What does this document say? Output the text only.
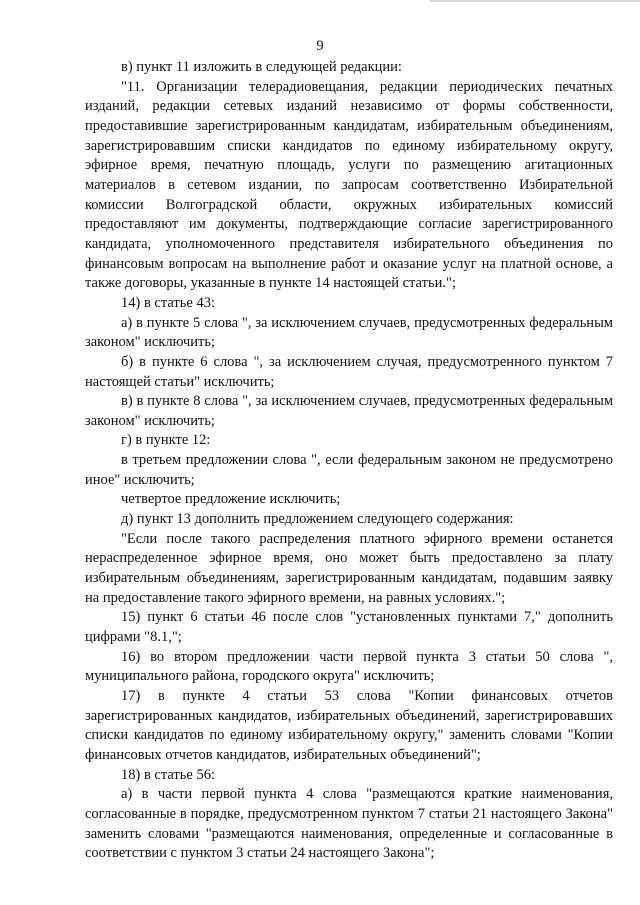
9

в) пункт 11 изложить в следующей редакции:

"11. Организации телерадиовещания, редакции периодических печатных изданий, редакции сетевых изданий независимо от формы собственности, предоставившие зарегистрированным кандидатам, избирательным объединениям, зарегистрировавшим списки кандидатов по единому избирательному округу, эфирное время, печатную площадь, услуги по размещению агитационных материалов в сетевом издании, по запросам соответственно Избирательной комиссии Волгоградской области, окружных избирательных комиссий предоставляют им документы, подтверждающие согласие зарегистрированного кандидата, уполномоченного представителя избирательного объединения по финансовым вопросам на выполнение работ и оказание услуг на платной основе, а также договоры, указанные в пункте 14 настоящей статьи.";

14) в статье 43:

а) в пункте 5 слова ", за исключением случаев, предусмотренных федеральным законом" исключить;

б) в пункте 6 слова ", за исключением случая, предусмотренного пунктом 7 настоящей статьи" исключить;

в) в пункте 8 слова ", за исключением случаев, предусмотренных федеральным законом" исключить;

г) в пункте 12:

в третьем предложении слова ", если федеральным законом не предусмотрено иное" исключить;

четвертое предложение исключить;

д) пункт 13 дополнить предложением следующего содержания:

"Если после такого распределения платного эфирного времени останется нераспределенное эфирное время, оно может быть предоставлено за плату избирательным объединениям, зарегистрированным кандидатам, подавшим заявку на предоставление такого эфирного времени, на равных условиях.";

15) пункт 6 статьи 46 после слов "установленных пунктами 7," дополнить цифрами "8.1,";

16) во втором предложении части первой пункта 3 статьи 50 слова ", муниципального района, городского округа" исключить;

17) в пункте 4 статьи 53 слова "Копии финансовых отчетов зарегистрированных кандидатов, избирательных объединений, зарегистрировавших списки кандидатов по единому избирательному округу," заменить словами "Копии финансовых отчетов кандидатов, избирательных объединений";

18) в статье 56:

а) в части первой пункта 4 слова "размещаются краткие наименования, согласованные в порядке, предусмотренном пунктом 7 статьи 21 настоящего Закона" заменить словами "размещаются наименования, определенные и согласованные в соответствии с пунктом 3 статьи 24 настоящего Закона";
